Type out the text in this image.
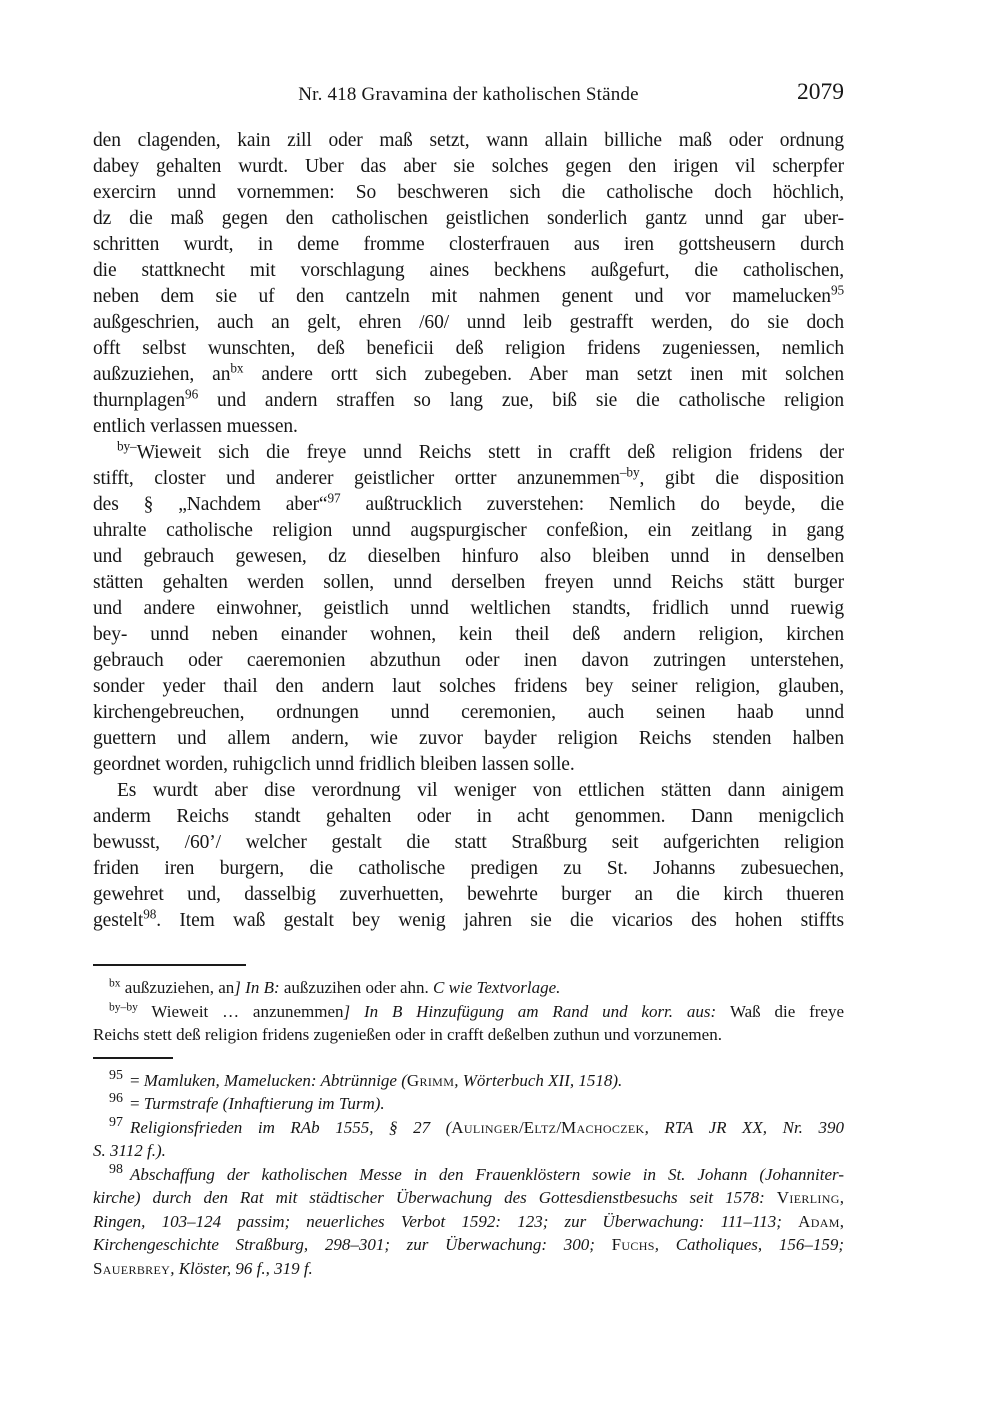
Nr. 418 Gravamina der katholischen Stände	2079
den clagenden, kain zill oder maß setzt, wann allain billiche maß oder ordnung
dabey gehalten wurdt. Uber das aber sie solches gegen den irigen vil scherpfer
exercirn unnd vornemmen: So beschweren sich die catholische doch höchlich,
dz die maß gegen den catholischen geistlichen sonderlich gantz unnd gar uber-
schritten wurdt, in deme fromme closterfrauen aus iren gottsheusern durch
die stattknecht mit vorschlagung aines beckhens außgefurt, die catholischen,
neben dem sie uf den cantzeln mit nahmen genent und vor mamelucken$^{95}$
außgeschrien, auch an gelt, ehren /60/ unnd leib gestrafft werden, do sie doch
offt selbst wunschten, deß beneficii deß religion fridens zugeniessen, nemlich
außzuziehen, $an^{bx}$ andere ortt sich zubegeben. Aber man setzt inen mit solchen
thurnplagen$^{96}$ und andern straffen so lang zue, biß sie die catholische religion
entlich verlassen muessen.
$^{by-}$Wieweit sich die freye unnd Reichs stett in crafft deß religion fridens der
stifft, closter und anderer geistlicher ortter anzunemmen$^{-by}$, gibt die disposition
des § „Nachdem aber“$^{97}$ außtrucklich zuverstehen: Nemlich do beyde, die
uhralte catholische religion unnd augspurgischer confeßion, ein zeitlang in gang
und gebrauch gewesen, dz dieselben hinfuro also bleiben unnd in denselben
stätten gehalten werden sollen, unnd derselben freyen unnd Reichs stätt burger
und andere einwohner, geistlich unnd weltlichen standts, fridlich unnd ruewig
bey- unnd neben einander wohnen, kein theil deß andern religion, kirchen
gebrauch oder caeremonien abzuthun oder inen davon zutringen unterstehen,
sonder yeder thail den andern laut solches fridens bey seiner religion, glauben,
kirchengebreuchen, ordnungen unnd ceremonien, auch seinen haab unnd
guettern und allem andern, wie zuvor bayder religion Reichs stenden halben
geordnet worden, ruhigclich unnd fridlich bleiben lassen solle.
Es wurdt aber dise verordnung vil weniger von ettlichen stätten dann ainigem
anderm Reichs standt gehalten oder in acht genommen. Dann menigclich
bewusst, /60’/ welcher gestalt die statt Straßburg seit aufgerichten religion
friden iren burgern, die catholische predigen zu St. Johanns zubesuechen,
gewehret und, dasselbig zuverhuetten, bewehrte burger an die kirch thueren
gestelt$^{98}$. Item waß gestalt bey wenig jahren sie die vicarios des hohen stiffts
$^{bx}$ außzuziehen, an] In B: außzuzihen oder ahn. C wie Textvorlage.
$^{by-by}$ Wieweit … anzunemmen] In B Hinzufügung am Rand und korr. aus: Waß die freye
Reichs stett deß religion fridens zugenießen oder in crafft deßelben zuthun und vorzunemen.
$^{95}$ = Mamluken, Mamelucken: Abtrünnige (Grimm, Wörterbuch XII, 1518).
$^{96}$ = Turmstrafe (Inhaftierung im Turm).
$^{97}$ Religionsfrieden im RAb 1555, § 27 (Aulinger/Eltz/Machoczek, RTA JR XX, Nr. 390
S. 3112 f.).
$^{98}$ Abschaffung der katholischen Messe in den Frauenklöstern sowie in St. Johann (Johanniter-
kirche) durch den Rat mit städtischer Überwachung des Gottesdienstbesuchs seit 1578: Vierling,
Ringen, 103–124 passim; neuerliches Verbot 1592: 123; zur Überwachung: 111–113; Adam,
Kirchengeschichte Straßburg, 298–301; zur Überwachung: 300; Fuchs, Catholiques, 156–159;
Sauerbrey, Klöster, 96 f., 319 f.
